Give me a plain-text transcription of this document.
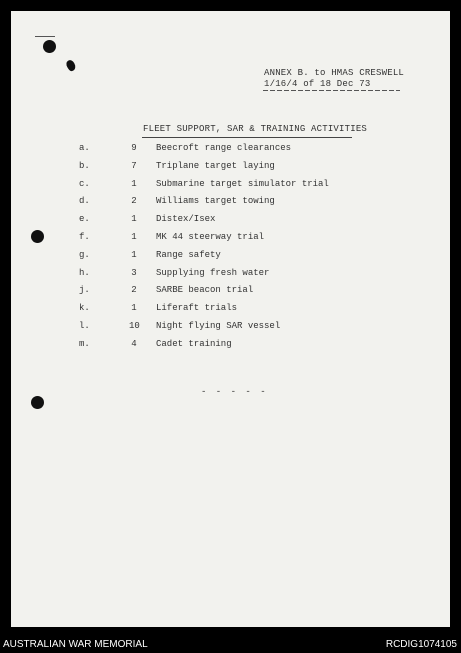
ANNEX B. to HMAS CRESWELL
1/16/4 of 18 Dec 73
FLEET SUPPORT, SAR & TRAINING ACTIVITIES
a.	9 Beecroft range clearances
b.	7 Triplane target laying
c.	1 Submarine target simulator trial
d.	2 Williams target towing
e.	1 Distex/Isex
f.	1 MK 44 steerway trial
g.	1 Range safety
h.	3 Supplying fresh water
j.	2 SARBE beacon trial
k.	1 Liferaft trials
l.	10 Night flying SAR vessel
m.	4 Cadet training
- - - - -
AUSTRALIAN WAR MEMORIAL	RCDIG1074105
